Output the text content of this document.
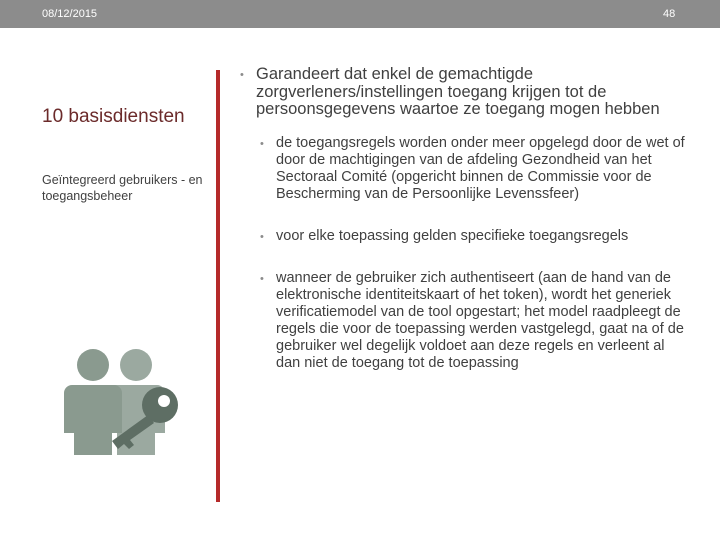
08/12/2015	48
10 basisdiensten
Geïntegreerd gebruikers - en toegangsbeheer
• Garandeert dat enkel de gemachtigde zorgverleners/instellingen toegang krijgen tot de persoonsgegevens waartoe ze toegang mogen hebben
• de toegangsregels worden onder meer opgelegd door de wet of door de machtigingen van de afdeling Gezondheid van het Sectoraal Comité (opgericht binnen de Commissie voor de Bescherming van de Persoonlijke Levenssfeer)
• voor elke toepassing gelden specifieke toegangsregels
• wanneer de gebruiker zich authentiseert (aan de hand van de elektronische identiteitskaart of het token), wordt het generiek verificatiemodel van de tool opgestart; het model raadpleegt de regels die voor de toepassing werden vastgelegd, gaat na of de gebruiker wel degelijk voldoet aan deze regels en verleent al dan niet de toegang tot de toepassing
